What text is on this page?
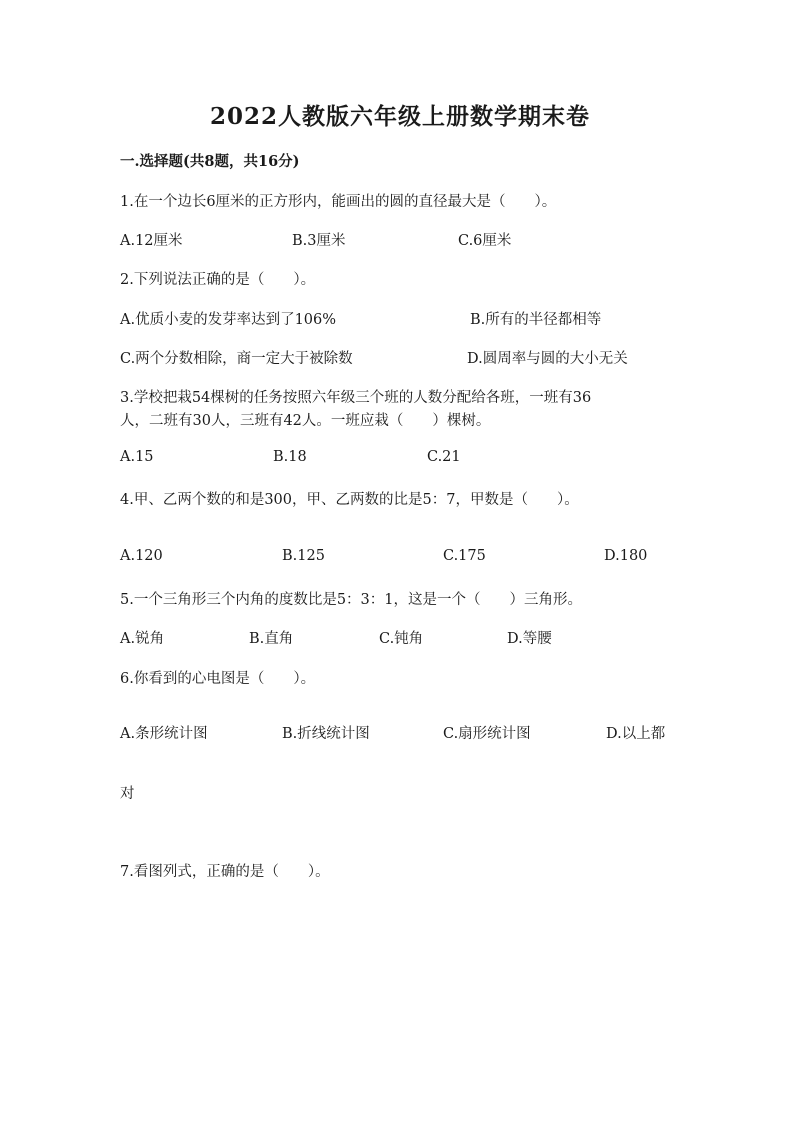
2022人教版六年级上册数学期末卷
一.选择题(共8题，共16分)
1.在一个边长6厘米的正方形内，能画出的圆的直径最大是（　　）。
A.12厘米	B.3厘米	C.6厘米
2.下列说法正确的是（　　）。
A.优质小麦的发芽率达到了106%	B.所有的半径都相等
C.两个分数相除，商一定大于被除数	D.圆周率与圆的大小无关
3.学校把栽54棵树的任务按照六年级三个班的人数分配给各班，一班有36
人，二班有30人，三班有42人。一班应栽（　　）棵树。
A.15	B.18	C.21
4.甲、乙两个数的和是300，甲、乙两数的比是5：7，甲数是（　　）。
A.120	B.125	C.175	D.180
5.一个三角形三个内角的度数比是5：3：1，这是一个（　　）三角形。
A.锐角	B.直角	C.钝角	D.等腰
6.你看到的心电图是（　　）。
A.条形统计图	B.折线统计图	C.扇形统计图	D.以上都
对
7.看图列式，正确的是（　　）。
